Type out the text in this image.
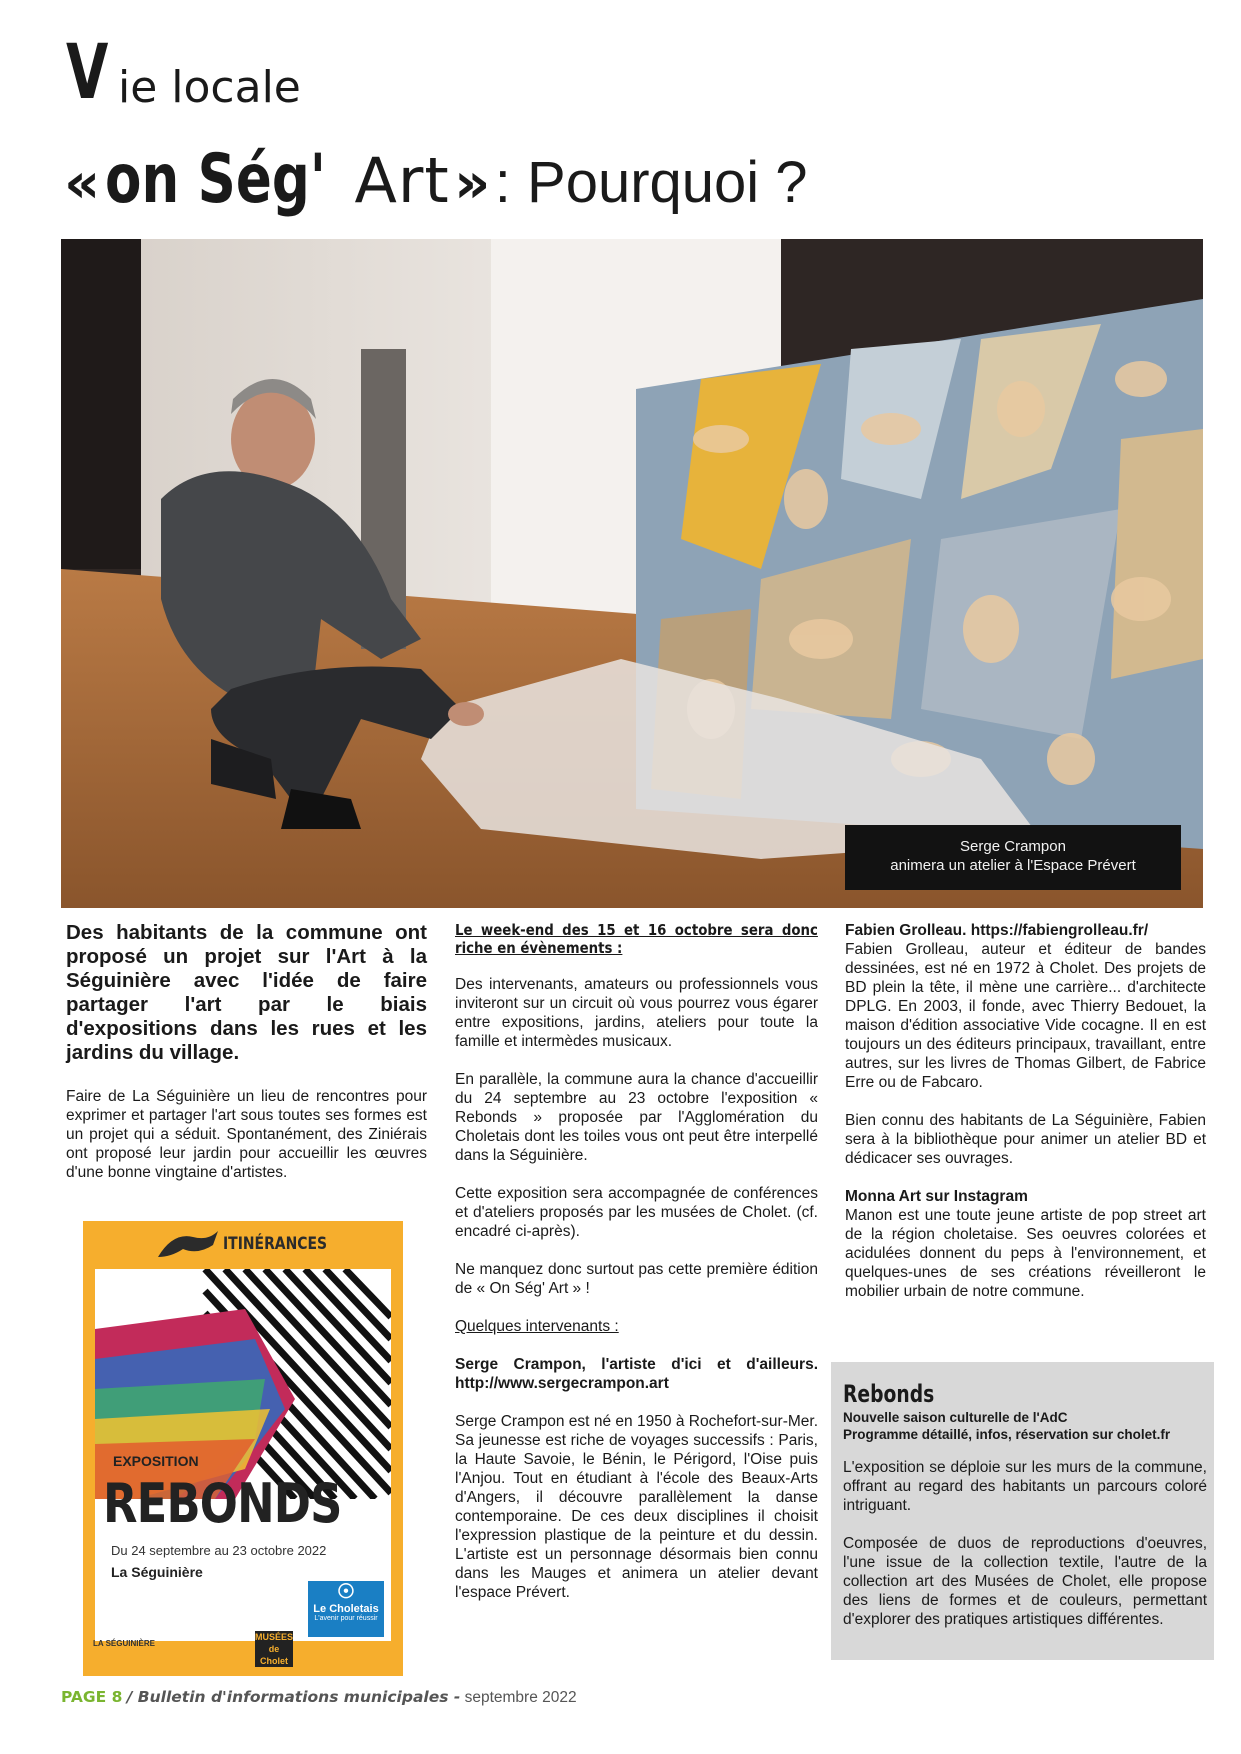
V ie locale
« on Ség' Art » : Pourquoi ?
Serge Crampon
animera un atelier à l'Espace Prévert

Des habitants de la commune ont proposé un projet sur l'Art à la Séguinière avec l'idée de faire partager l'art par le biais d'expositions dans les rues et les jardins du village.

Faire de La Séguinière un lieu de rencontres pour exprimer et partager l'art sous toutes ses formes est un projet qui a séduit. Spontanément, des Ziniérais ont proposé leur jardin pour accueillir les œuvres d'une bonne vingtaine d'artistes.

ITINÉRANCES
EXPOSITION
REBONDS
Du 24 septembre au 23 octobre 2022
La Séguinière
☉
Le Choletais
L'avenir pour réussir
LA SÉGUINIÈRE
MUSÉES de Cholet
Le week-end des 15 et 16 octobre sera donc riche en évènements :

Des intervenants, amateurs ou professionnels vous inviteront sur un circuit où vous pourrez vous égarer entre expositions, jardins, ateliers pour toute la famille et intermèdes musicaux.

En parallèle, la commune aura la chance d'accueillir du 24 septembre au 23 octobre l'exposition « Rebonds » proposée par l'Agglomération du Choletais dont les toiles vous ont peut être interpellé dans la Séguinière.

Cette exposition sera accompagnée de conférences et d'ateliers proposés par les musées de Cholet. (cf. encadré ci-après).

Ne manquez donc surtout pas cette première édition de « On Ség' Art » !

Quelques intervenants :

Serge Crampon, l'artiste d'ici et d'ailleurs. http://www.sergecrampon.art

Serge Crampon est né en 1950 à Rochefort-sur-Mer. Sa jeunesse est riche de voyages successifs : Paris, la Haute Savoie, le Bénin, le Périgord, l'Oise puis l'Anjou. Tout en étudiant à l'école des Beaux-Arts d'Angers, il découvre parallèlement la danse contemporaine. De ces deux disciplines il choisit l'expression plastique de la peinture et du dessin. L'artiste est un personnage désormais bien connu dans les Mauges et animera un atelier devant l'espace Prévert.

Fabien Grolleau. https://fabiengrolleau.fr/

Fabien Grolleau, auteur et éditeur de bandes dessinées, est né en 1972 à Cholet. Des projets de BD plein la tête, il mène une carrière... d'architecte DPLG. En 2003, il fonde, avec Thierry Bedouet, la maison d'édition associative Vide cocagne. Il en est toujours un des éditeurs principaux, travaillant, entre autres, sur les livres de Thomas Gilbert, de Fabrice Erre ou de Fabcaro.

Bien connu des habitants de La Séguinière, Fabien sera à la bibliothèque pour animer un atelier BD et dédicacer ses ouvrages.

Monna Art sur Instagram

Manon est une toute jeune artiste de pop street art de la région choletaise. Ses oeuvres colorées et acidulées donnent du peps à l'environnement, et quelques-unes de ses créations réveilleront le mobilier urbain de notre commune.

Rebonds
Nouvelle saison culturelle de l'AdC
Programme détaillé, infos, réservation sur cholet.fr
L'exposition se déploie sur les murs de la commune, offrant au regard des habitants un parcours coloré intriguant.
Composée de duos de reproductions d'oeuvres, l'une issue de la collection textile, l'autre de la collection art des Musées de Cholet, elle propose des liens de formes et de couleurs, permettant d'explorer des pratiques artistiques différentes.
PAGE 8 / Bulletin d'informations municipales - septembre 2022
